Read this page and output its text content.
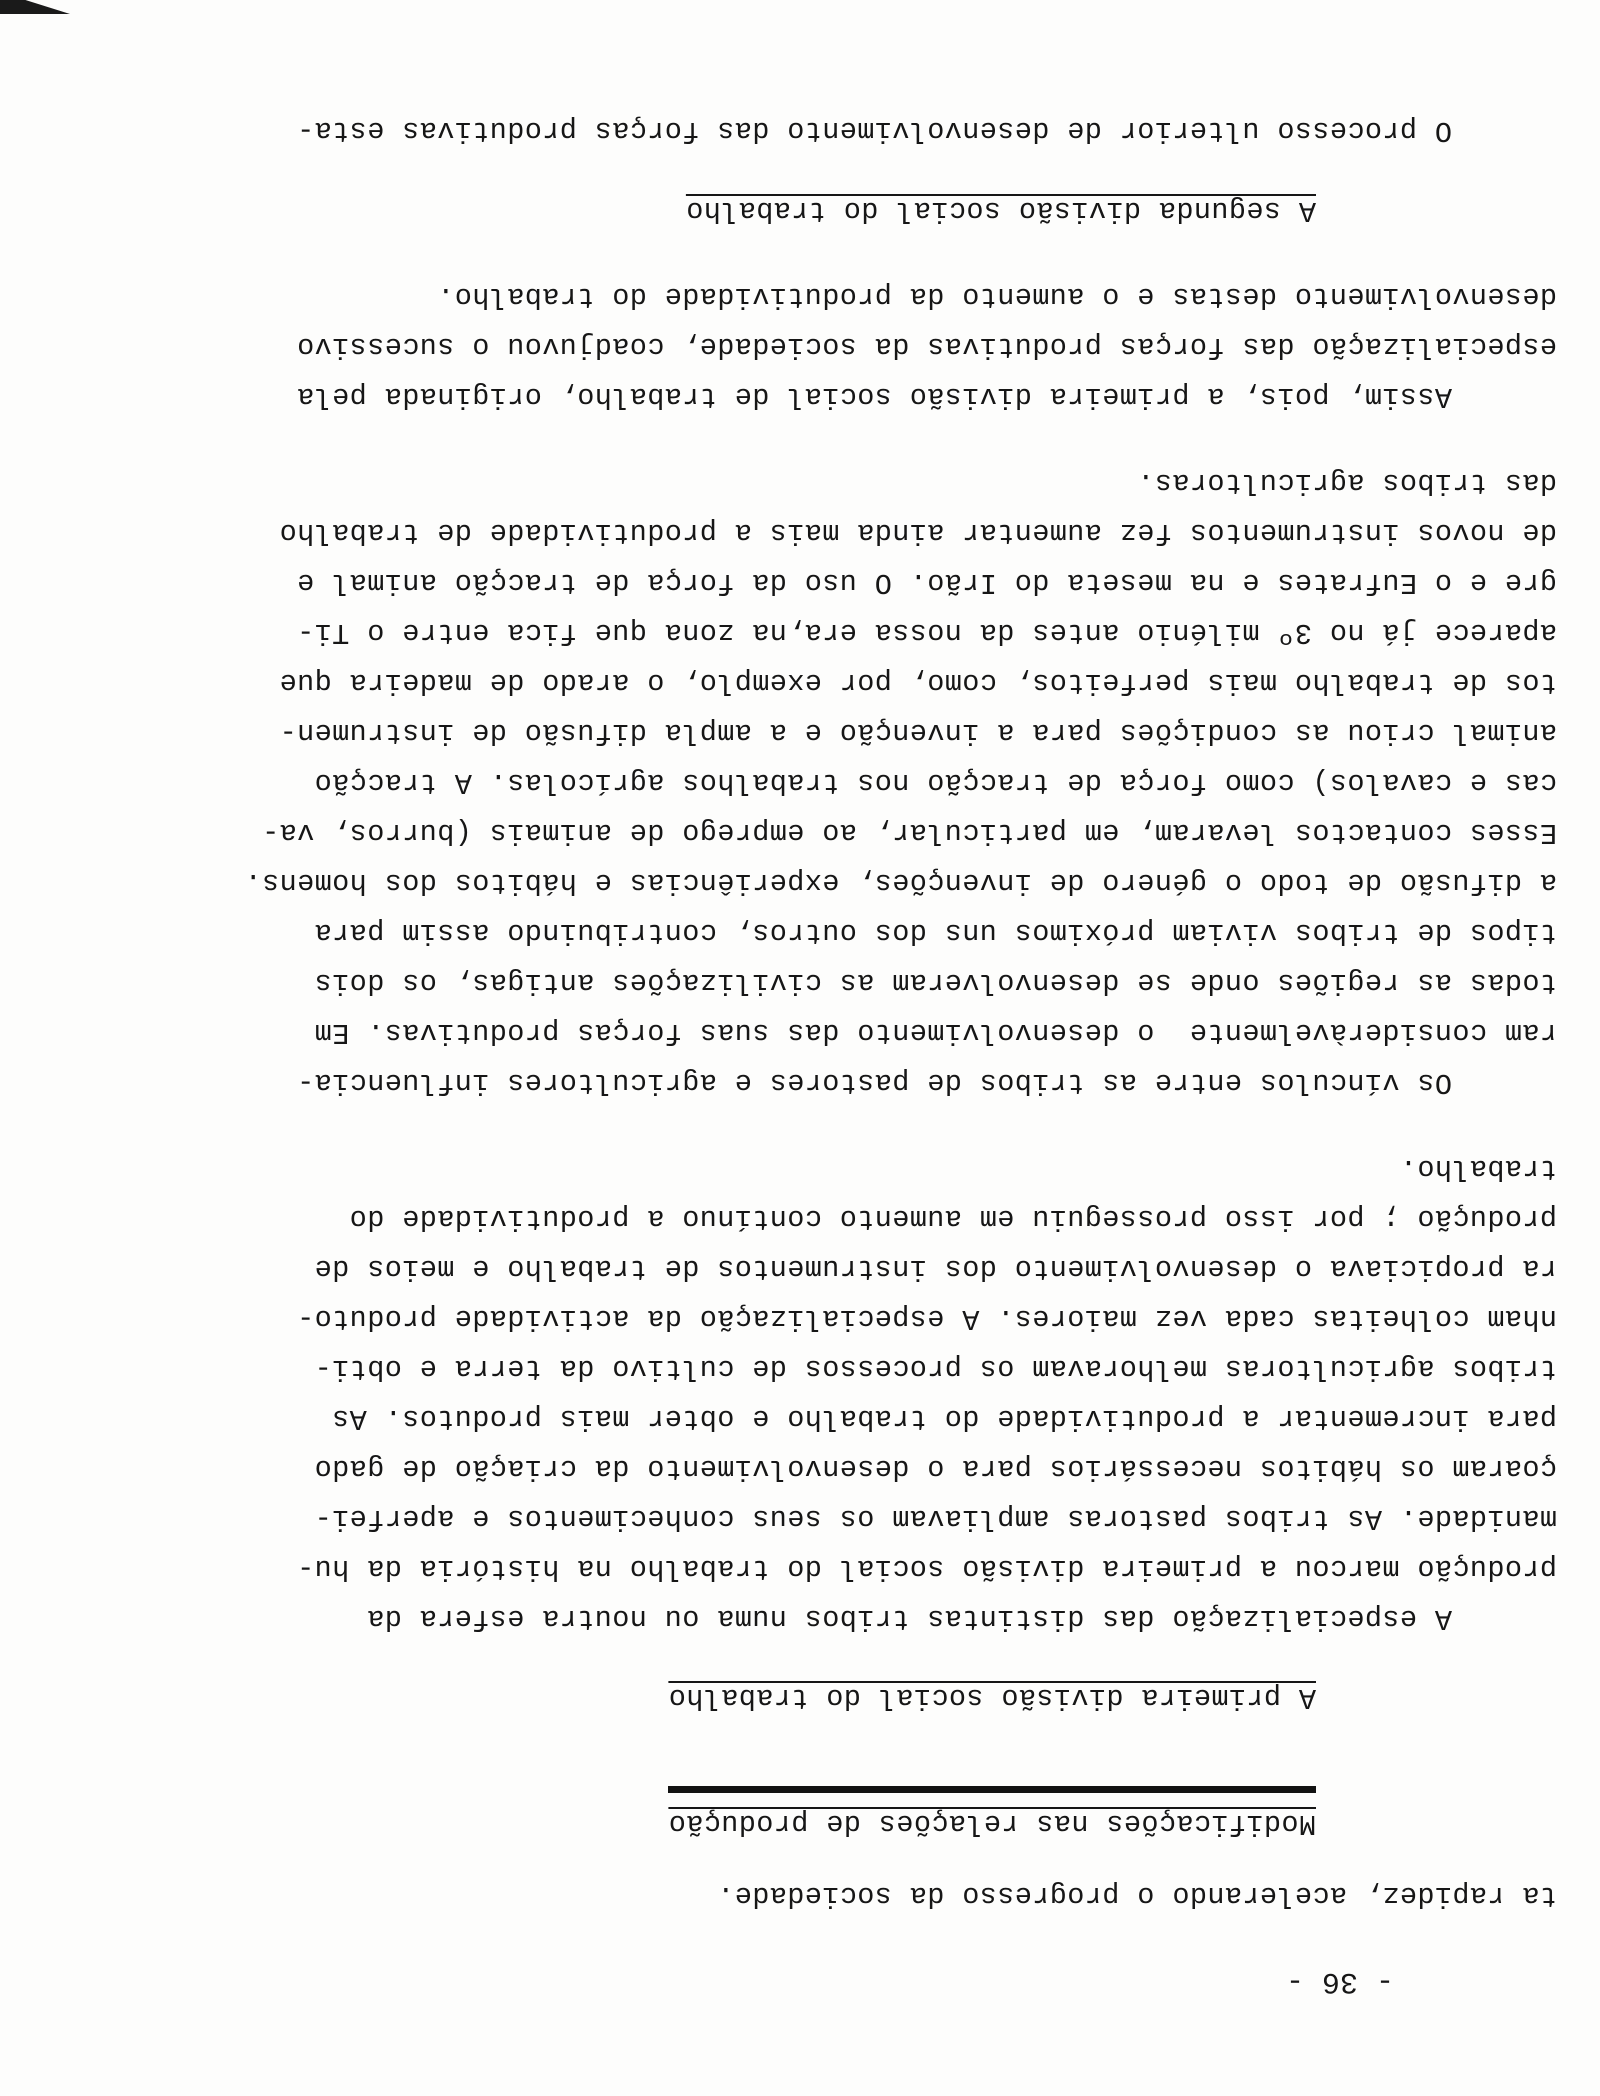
- 36 -
ta rapidez, acelerando o progresso da sociedade.
Modificações nas relações de produção
A primeira divisão social do trabalho
A especialização das distintas tribos numa ou noutra esfera da
produção marcou a primeira divisão social do trabalho na história da hu-
manidade. As tribos pastoras ampliavam os seus conhecimentos e aperfei-
çoaram os hábitos necessários para o desenvolvimento da criação de gado
para incrementar a produtividade do trabalho e obter mais produtos. As
tribos agricultoras melhoravam os processos de cultivo da terra e obti-
nham colheitas cada vez maiores. A especialização da actividade produto-
ra propiciava o desenvolvimento dos instrumentos de trabalho e meios de
produção ; por isso prosseguiu em aumento contínuo a produtividade do
trabalho.
Os vínculos entre as tribos de pastores e agricultores influencia-
ram consideràvelmente  o desenvolvimento das suas forças produtivas. Em
todas as regiões onde se desenvolveram as civilizações antigas, os dois
tipos de tribos viviam próximos uns dos outros, contribuindo assim para
a difusão de todo o género de invenções, experiências e hábitos dos homens.
Esses contactos levaram, em particular, ao emprego de animais (burros, va-
cas e cavalos) como força de tracção nos trabalhos agrícolas. A tracção
animal criou as condições para a invenção e a ampla difusão de instrumen-
tos de trabalho mais perfeitos, como, por exemplo, o arado de madeira que
aparece já no 3º milénio antes da nossa era,na zona que fica entre o Ti-
gre e o Eufrates e na meseta do Irão. O uso da força de tracção animal e
de novos instrumentos fez aumentar ainda mais a produtividade de trabalho
das tribos agricultoras.
Assim, pois, a primeira divisão social de trabalho, originada pela
especialização das forças produtivas da sociedade, coadjuvou o sucessivo
desenvolvimento destas e o aumento da produtividade do trabalho.
A segunda divisão social do trabalho
O processo ulterior de desenvolvimento das forças produtivas esta-
